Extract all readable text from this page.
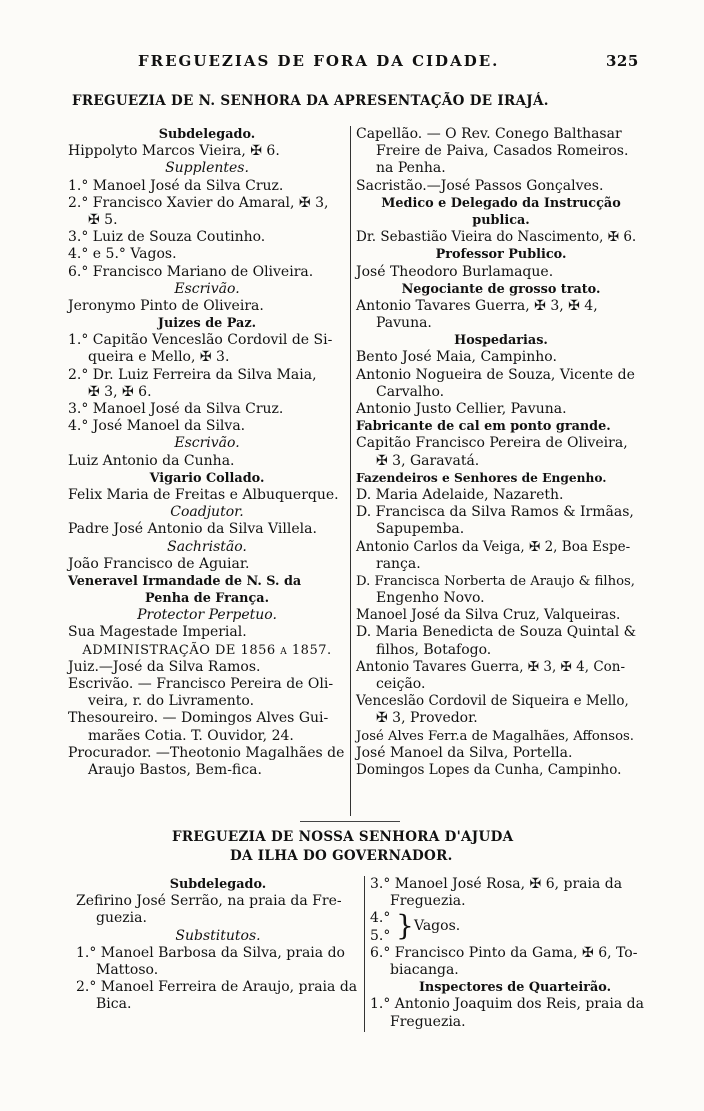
FREGUEZIAS DE FORA DA CIDADE.	325
FREGUEZIA DE N. SENHORA DA APRESENTAÇÃO DE IRAJÁ.
Subdelegado.
Hippolyto Marcos Vieira, ✠ 6.
Supplentes.
1.° Manoel José da Silva Cruz.
2.° Francisco Xavier do Amaral, ✠ 3,
✠ 5.
3.° Luiz de Souza Coutinho.
4.° e 5.° Vagos.
6.° Francisco Mariano de Oliveira.
Escrivão.
Jeronymo Pinto de Oliveira.
Juizes de Paz.
1.° Capitão Venceslão Cordovil de Si-
queira e Mello, ✠ 3.
2.° Dr. Luiz Ferreira da Silva Maia,
✠ 3, ✠ 6.
3.° Manoel José da Silva Cruz.
4.° José Manoel da Silva.
Escrivão.
Luiz Antonio da Cunha.
Vigario Collado.
Felix Maria de Freitas e Albuquerque.
Coadjutor.
Padre José Antonio da Silva Villela.
Sachristão.
João Francisco de Aguiar.
Veneravel Irmandade de N. S. da
Penha de França.
Protector Perpetuo.
Sua Magestade Imperial.
ADMINISTRAÇÃO DE 1856 a 1857.
Juiz.—José da Silva Ramos.
Escrivão. — Francisco Pereira de Oli-
veira, r. do Livramento.
Thesoureiro. — Domingos Alves Gui-
marães Cotia. T. Ouvidor, 24.
Procurador. —Theotonio Magalhães de
Araujo Bastos, Bem-fica.
Capellão. — O Rev. Conego Balthasar
Freire de Paiva, Casados Romeiros.
na Penha.
Sacristão.—José Passos Gonçalves.
Medico e Delegado da Instrucção
publica.
Dr. Sebastião Vieira do Nascimento, ✠ 6.
Professor Publico.
José Theodoro Burlamaque.
Negociante de grosso trato.
Antonio Tavares Guerra, ✠ 3, ✠ 4,
Pavuna.
Hospedarias.
Bento José Maia, Campinho.
Antonio Nogueira de Souza, Vicente de
Carvalho.
Antonio Justo Cellier, Pavuna.
Fabricante de cal em ponto grande.
Capitão Francisco Pereira de Oliveira,
✠ 3, Garavatá.
Fazendeiros e Senhores de Engenho.
D. Maria Adelaide, Nazareth.
D. Francisca da Silva Ramos & Irmãas,
Sapupemba.
Antonio Carlos da Veiga, ✠ 2, Boa Espe-
rança.
D. Francisca Norberta de Araujo & filhos,
Engenho Novo.
Manoel José da Silva Cruz, Valqueiras.
D. Maria Benedicta de Souza Quintal &
filhos, Botafogo.
Antonio Tavares Guerra, ✠ 3, ✠ 4, Con-
ceição.
Venceslão Cordovil de Siqueira e Mello,
✠ 3, Provedor.
José Alves Ferr.a de Magalhães, Affonsos.
José Manoel da Silva, Portella.
Domingos Lopes da Cunha, Campinho.
FREGUEZIA DE NOSSA SENHORA D'AJUDA
DA ILHA DO GOVERNADOR.
Subdelegado.
Zefirino José Serrão, na praia da Fre-
guezia.
Substitutos.
1.° Manoel Barbosa da Silva, praia do
Mattoso.
2.° Manoel Ferreira de Araujo, praia da
Bica.
3.° Manoel José Rosa, ✠ 6, praia da
Freguezia.
4.°
5.° } Vagos.
6.° Francisco Pinto da Gama, ✠ 6, To-
biacanga.
Inspectores de Quarteirão.
1.° Antonio Joaquim dos Reis, praia da
Freguezia.
